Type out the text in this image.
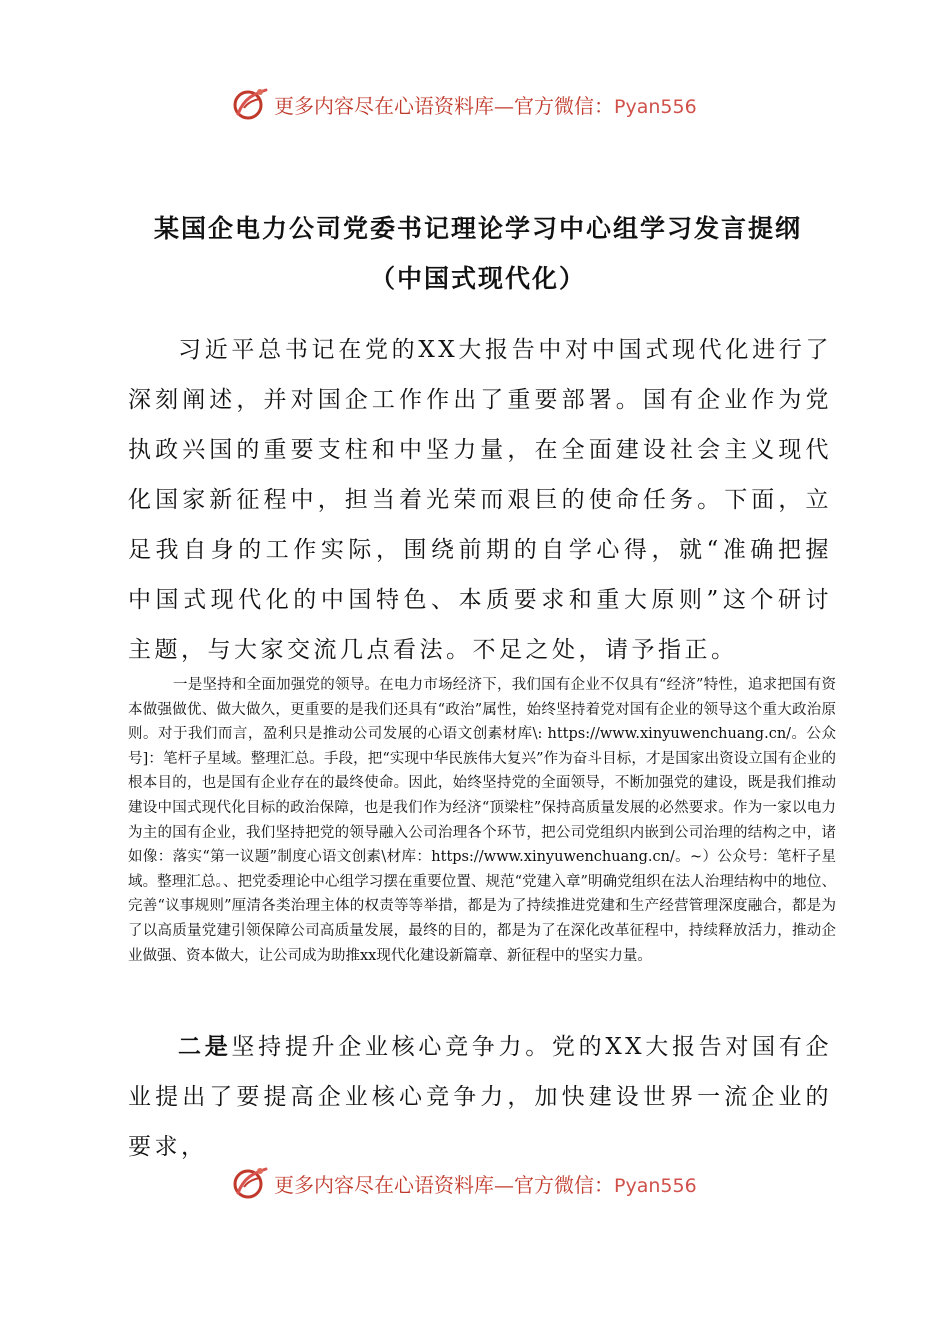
更多内容尽在心语资料库—官方微信：Pyan556
某国企电力公司党委书记理论学习中心组学习发言提纲（中国式现代化）

习近平总书记在党的XX大报告中对中国式现代化进行了深刻阐述，并对国企工作作出了重要部署。国有企业作为党执政兴国的重要支柱和中坚力量，在全面建设社会主义现代化国家新征程中，担当着光荣而艰巨的使命任务。下面，立足我自身的工作实际，围绕前期的自学心得，就“准确把握中国式现代化的中国特色、本质要求和重大原则”这个研讨主题，与大家交流几点看法。不足之处，请予指正。

一是坚持和全面加强党的领导。在电力市场经济下，我们国有企业不仅具有“经济”特性，追求把国有资本做强做优、做大做久，更重要的是我们还具有“政治”属性，始终坚持着党对国有企业的领导这个重大政治原则。对于我们而言，盈利只是推动公司发展的心语文创素材库\: https://www.xinyuwenchuang.cn/。公众号]：笔杆子星域。整理汇总。手段，把“实现中华民族伟大复兴”作为奋斗目标，才是国家出资设立国有企业的根本目的，也是国有企业存在的最终使命。因此，始终坚持党的全面领导，不断加强党的建设，既是我们推动建设中国式现代化目标的政治保障，也是我们作为经济“顶梁柱”保持高质量发展的必然要求。作为一家以电力为主的国有企业，我们坚持把党的领导融入公司治理各个环节，把公司党组织内嵌到公司治理的结构之中，诸如像：落实“第一议题”制度心语文创素\材库：https://www.xinyuwenchuang.cn/。~）公众号：笔杆子星域。整理汇总。、把党委理论中心组学习摆在重要位置、规范“党建入章”明确党组织在法人治理结构中的地位、完善“议事规则”厘清各类治理主体的权责等等举措，都是为了持续推进党建和生产经营管理深度融合，都是为了以高质量党建引领保障公司高质量发展，最终的目的，都是为了在深化改革征程中，持续释放活力，推动企业做强、资本做大，让公司成为助推xx现代化建设新篇章、新征程中的坚实力量。

二是坚持提升企业核心竞争力。党的XX大报告对国有企业提出了要提高企业核心竞争力，加快建设世界一流企业的要求，

更多内容尽在心语资料库—官方微信：Pyan556
